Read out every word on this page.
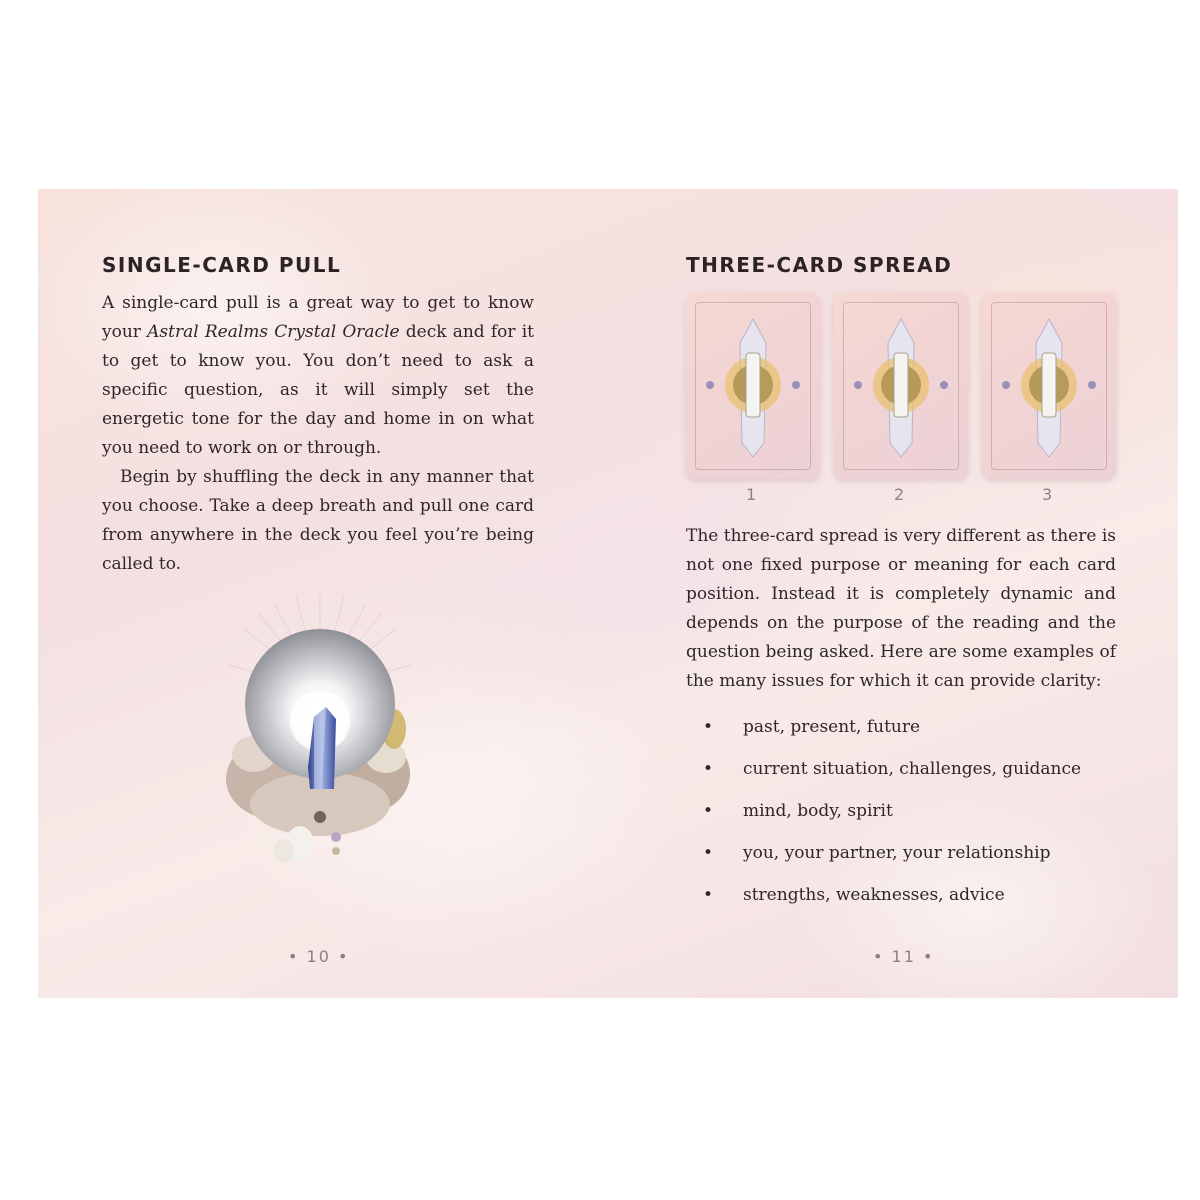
SINGLE-CARD PULL

A single-card pull is a great way to get to know your Astral Realms Crystal Oracle deck and for it to get to know you. You don’t need to ask a specific question, as it will simply set the energetic tone for the day and home in on what you need to work on or through.

Begin by shuffling the deck in any manner that you choose. Take a deep breath and pull one card from anywhere in the deck you feel you’re being called to.

• 10 •
THREE-CARD SPREAD
1	2	3

The three-card spread is very different as there is not one fixed purpose or meaning for each card position. Instead it is completely dynamic and depends on the purpose of the reading and the question being asked. Here are some examples of the many issues for which it can provide clarity:

•	past, present, future
•	current situation, challenges, guidance
•	mind, body, spirit
•	you, your partner, your relationship
•	strengths, weaknesses, advice
• 11 •
